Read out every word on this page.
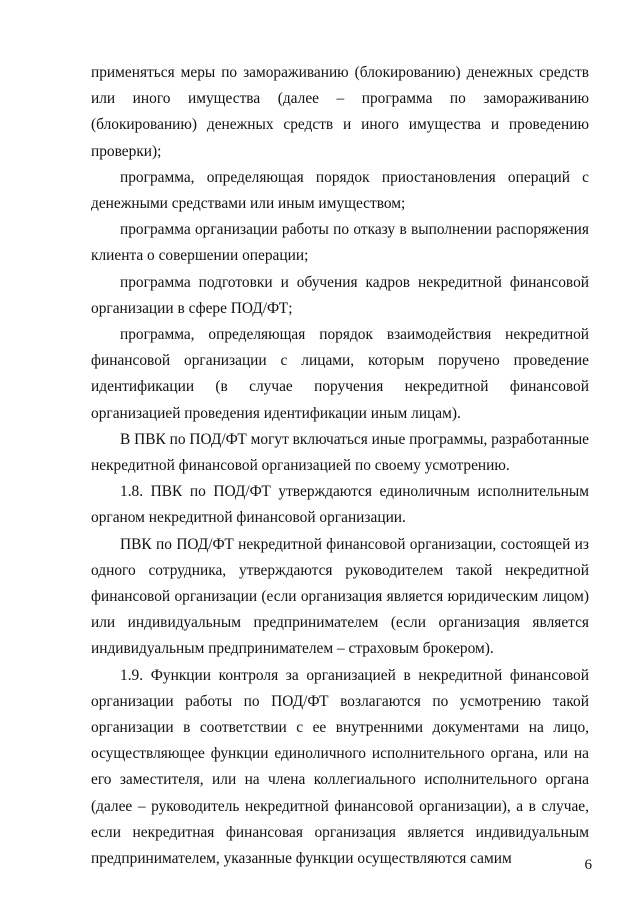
применяться меры по замораживанию (блокированию) денежных средств или иного имущества (далее – программа по замораживанию (блокированию) денежных средств и иного имущества и проведению проверки);

программа, определяющая порядок приостановления операций с денежными средствами или иным имуществом;

программа организации работы по отказу в выполнении распоряжения клиента о совершении операции;

программа подготовки и обучения кадров некредитной финансовой организации в сфере ПОД/ФТ;

программа, определяющая порядок взаимодействия некредитной финансовой организации с лицами, которым поручено проведение идентификации (в случае поручения некредитной финансовой организацией проведения идентификации иным лицам).

В ПВК по ПОД/ФТ могут включаться иные программы, разработанные некредитной финансовой организацией по своему усмотрению.

1.8. ПВК по ПОД/ФТ утверждаются единоличным исполнительным органом некредитной финансовой организации.

ПВК по ПОД/ФТ некредитной финансовой организации, состоящей из одного сотрудника, утверждаются руководителем такой некредитной финансовой организации (если организация является юридическим лицом) или индивидуальным предпринимателем (если организация является индивидуальным предпринимателем – страховым брокером).

1.9. Функции контроля за организацией в некредитной финансовой организации работы по ПОД/ФТ возлагаются по усмотрению такой организации в соответствии с ее внутренними документами на лицо, осуществляющее функции единоличного исполнительного органа, или на его заместителя, или на члена коллегиального исполнительного органа (далее – руководитель некредитной финансовой организации), а в случае, если некредитная финансовая организация является индивидуальным предпринимателем, указанные функции осуществляются самим	6
